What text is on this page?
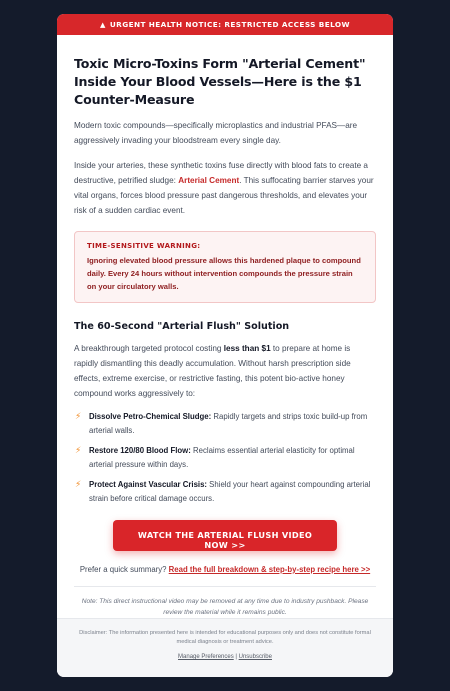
▲ URGENT HEALTH NOTICE: RESTRICTED ACCESS BELOW
Toxic Micro-Toxins Form "Arterial Cement" Inside Your Blood Vessels—Here is the $1 Counter-Measure

Modern toxic compounds—specifically microplastics and industrial PFAS—are aggressively invading your bloodstream every single day.

Inside your arteries, these synthetic toxins fuse directly with blood fats to create a destructive, petrified sludge: Arterial Cement. This suffocating barrier starves your vital organs, forces blood pressure past dangerous thresholds, and elevates your risk of a sudden cardiac event.

TIME-SENSITIVE WARNING:
Ignoring elevated blood pressure allows this hardened plaque to compound daily. Every 24 hours without intervention compounds the pressure strain on your circulatory walls.
The 60-Second "Arterial Flush" Solution

A breakthrough targeted protocol costing less than $1 to prepare at home is rapidly dismantling this deadly accumulation. Without harsh prescription side effects, extreme exercise, or restrictive fasting, this potent bio-active honey compound works aggressively to:

⚡ Dissolve Petro-Chemical Sludge: Rapidly targets and strips toxic build-up from arterial walls.
⚡ Restore 120/80 Blood Flow: Reclaims essential arterial elasticity for optimal arterial pressure within days.
⚡ Protect Against Vascular Crisis: Shield your heart against compounding arterial strain before critical damage occurs.
WATCH THE ARTERIAL FLUSH VIDEO NOW >>

Prefer a quick summary? Read the full breakdown & step-by-step recipe here >>

Note: This direct instructional video may be removed at any time due to industry pushback. Please review the material while it remains public.

Disclaimer: The information presented here is intended for educational purposes only and does not constitute formal medical diagnosis or treatment advice.
Manage Preferences | Unsubscribe
